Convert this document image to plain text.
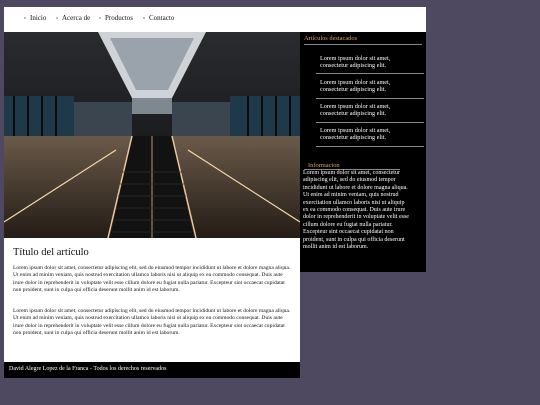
Inicio Acerca de Productos Contacto
Título del artículo

Lorem ipsum dolor sit amet, consectetur adipiscing elit, sed do eiusmod tempor incididunt ut labore et dolore magna aliqua. Ut enim ad minim veniam, quis nostrud exercitation ullamco laboris nisi ut aliquip ex ea commodo consequat. Duis aute irure dolor in reprehenderit in voluptate velit esse cillum dolore eu fugiat nulla pariatur. Excepteur sint occaecat cupidatat non proident, sunt in culpa qui officia deserunt mollit anim id est laborum.

Lorem ipsum dolor sit amet, consectetur adipiscing elit, sed do eiusmod tempor incididunt ut labore et dolore magna aliqua. Ut enim ad minim veniam, quis nostrud exercitation ullamco laboris nisi ut aliquip ex ea commodo consequat. Duis aute irure dolor in reprehenderit in voluptate velit esse cillum dolore eu fugiat nulla pariatur. Excepteur sint occaecat cupidatat non proident, sunt in culpa qui officia deserunt mollit anim id est laborum.

David Alegre Lopez de la Franca - Todos los derechos reservados
Artículos destacados
Lorem ipsum dolor sit amet, consectetur adipiscing elit.
Lorem ipsum dolor sit amet, consectetur adipiscing elit.
Lorem ipsum dolor sit amet, consectetur adipiscing elit.
Lorem ipsum dolor sit amet, consectetur adipiscing elit.
Informacion
Lorem ipsum dolor sit amet, consectetur adipiscing elit, sed do eiusmod tempor incididunt ut labore et dolore magna aliqua. Ut enim ad minim veniam, quis nostrud exercitation ullamco laboris nisi ut aliquip ex ea commodo consequat. Duis aute irure dolor in reprehenderit in voluptate velit esse cillum dolore eu fugiat nulla pariatur. Excepteur sint occaecat cupidatat non proident, sunt in culpa qui officia deserunt mollit anim id est laborum.
